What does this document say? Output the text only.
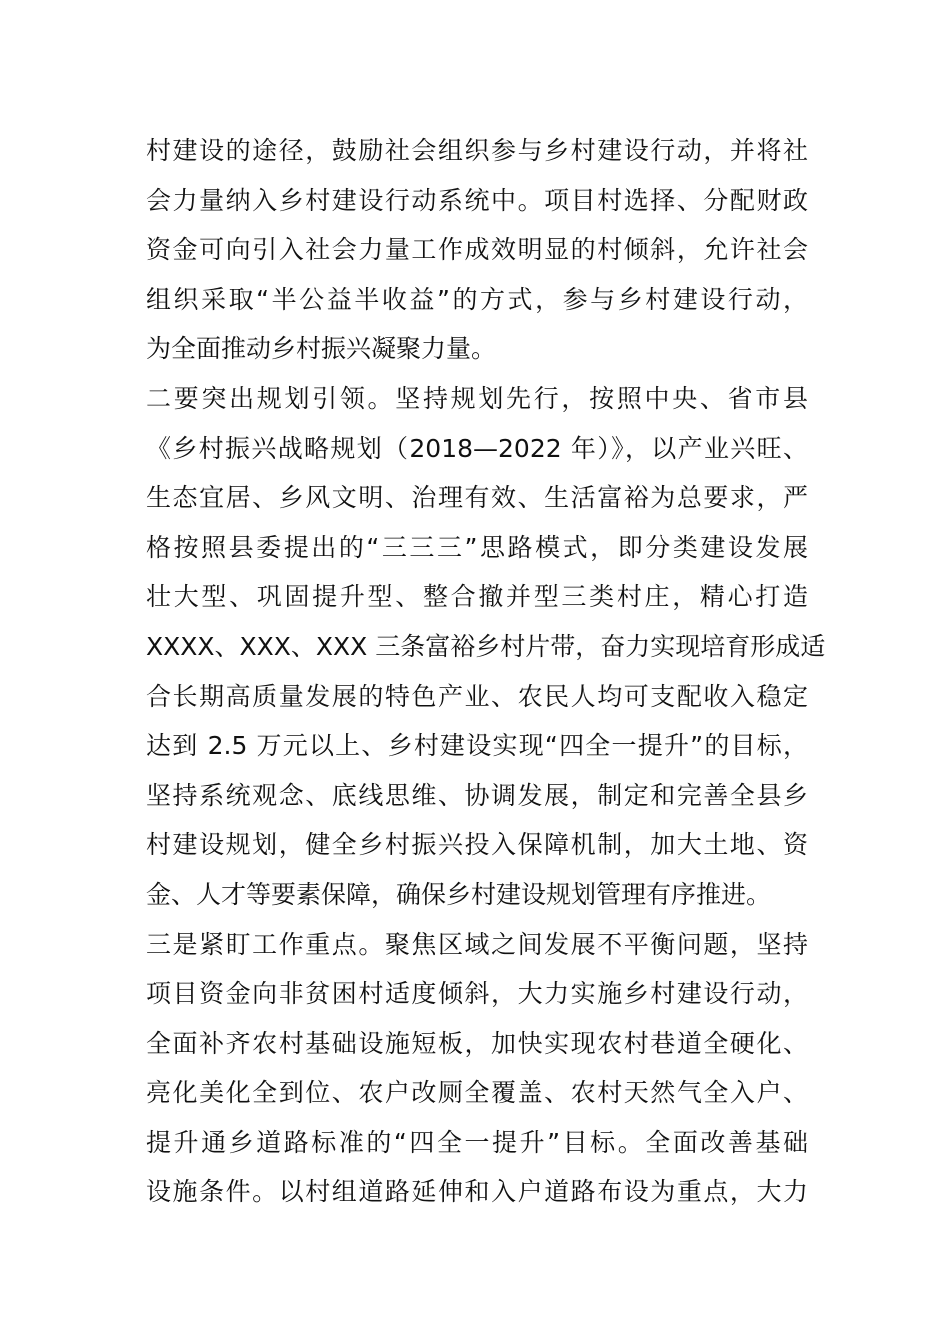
村建设的途径，鼓励社会组织参与乡村建设行动，并将社
会力量纳入乡村建设行动系统中。项目村选择、分配财政
资金可向引入社会力量工作成效明显的村倾斜，允许社会
组织采取“半公益半收益”的方式，参与乡村建设行动，
为全面推动乡村振兴凝聚力量。
二要突出规划引领。坚持规划先行，按照中央、省市县
《乡村振兴战略规划（2018—2022 年）》，以产业兴旺、
生态宜居、乡风文明、治理有效、生活富裕为总要求，严
格按照县委提出的“三三三”思路模式，即分类建设发展
壮大型、巩固提升型、整合撤并型三类村庄，精心打造
XXXX、XXX、XXX 三条富裕乡村片带，奋力实现培育形成适
合长期高质量发展的特色产业、农民人均可支配收入稳定
达到 2.5 万元以上、乡村建设实现“四全一提升”的目标，
坚持系统观念、底线思维、协调发展，制定和完善全县乡
村建设规划，健全乡村振兴投入保障机制，加大土地、资
金、人才等要素保障，确保乡村建设规划管理有序推进。
三是紧盯工作重点。聚焦区域之间发展不平衡问题，坚持
项目资金向非贫困村适度倾斜，大力实施乡村建设行动，
全面补齐农村基础设施短板，加快实现农村巷道全硬化、
亮化美化全到位、农户改厕全覆盖、农村天然气全入户、
提升通乡道路标准的“四全一提升”目标。全面改善基础
设施条件。以村组道路延伸和入户道路布设为重点，大力
